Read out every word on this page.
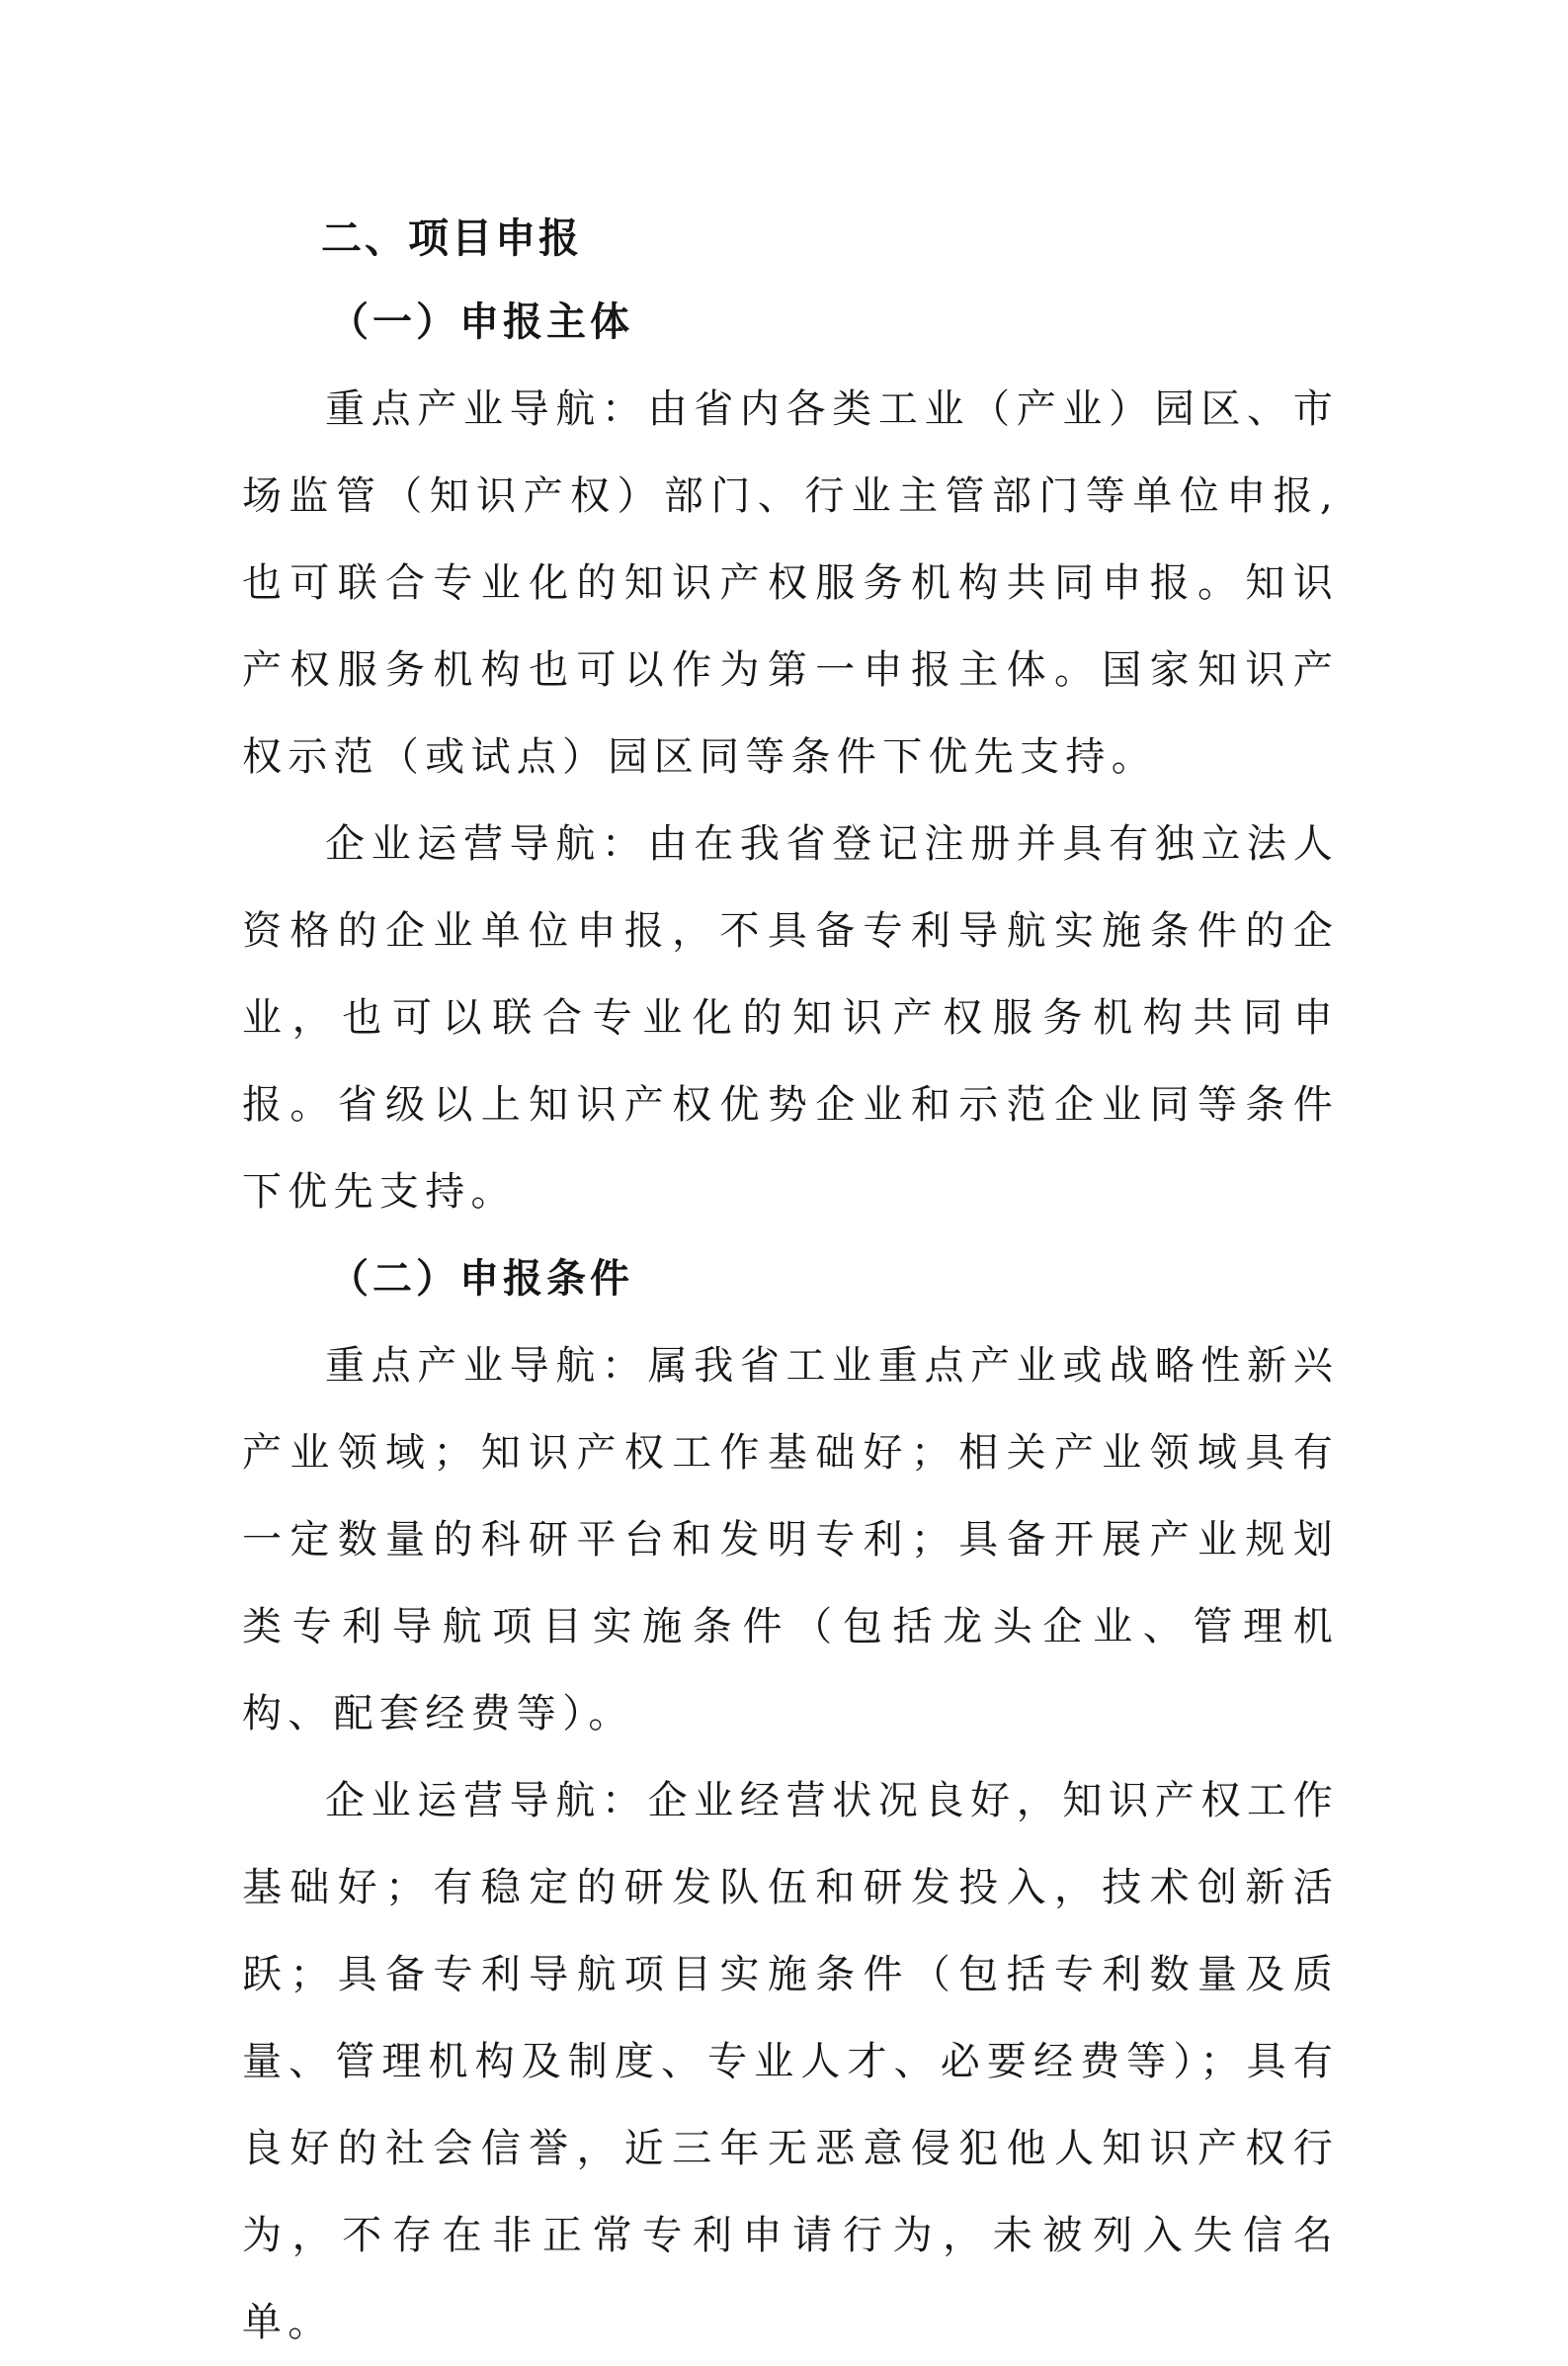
二、项目申报
（一）申报主体

重点产业导航：由省内各类工业（产业）园区、市场监管（知识产权）部门、行业主管部门等单位申报,也可联合专业化的知识产权服务机构共同申报。知识产权服务机构也可以作为第一申报主体。国家知识产权示范（或试点）园区同等条件下优先支持。

企业运营导航：由在我省登记注册并具有独立法人资格的企业单位申报，不具备专利导航实施条件的企业，也可以联合专业化的知识产权服务机构共同申报。省级以上知识产权优势企业和示范企业同等条件下优先支持。

（二）申报条件

重点产业导航：属我省工业重点产业或战略性新兴产业领域；知识产权工作基础好；相关产业领域具有一定数量的科研平台和发明专利；具备开展产业规划类专利导航项目实施条件（包括龙头企业、管理机构、配套经费等）。

企业运营导航：企业经营状况良好，知识产权工作基础好；有稳定的研发队伍和研发投入，技术创新活跃；具备专利导航项目实施条件（包括专利数量及质量、管理机构及制度、专业人才、必要经费等）；具有良好的社会信誉，近三年无恶意侵犯他人知识产权行为，不存在非正常专利申请行为，未被列入失信名单。
